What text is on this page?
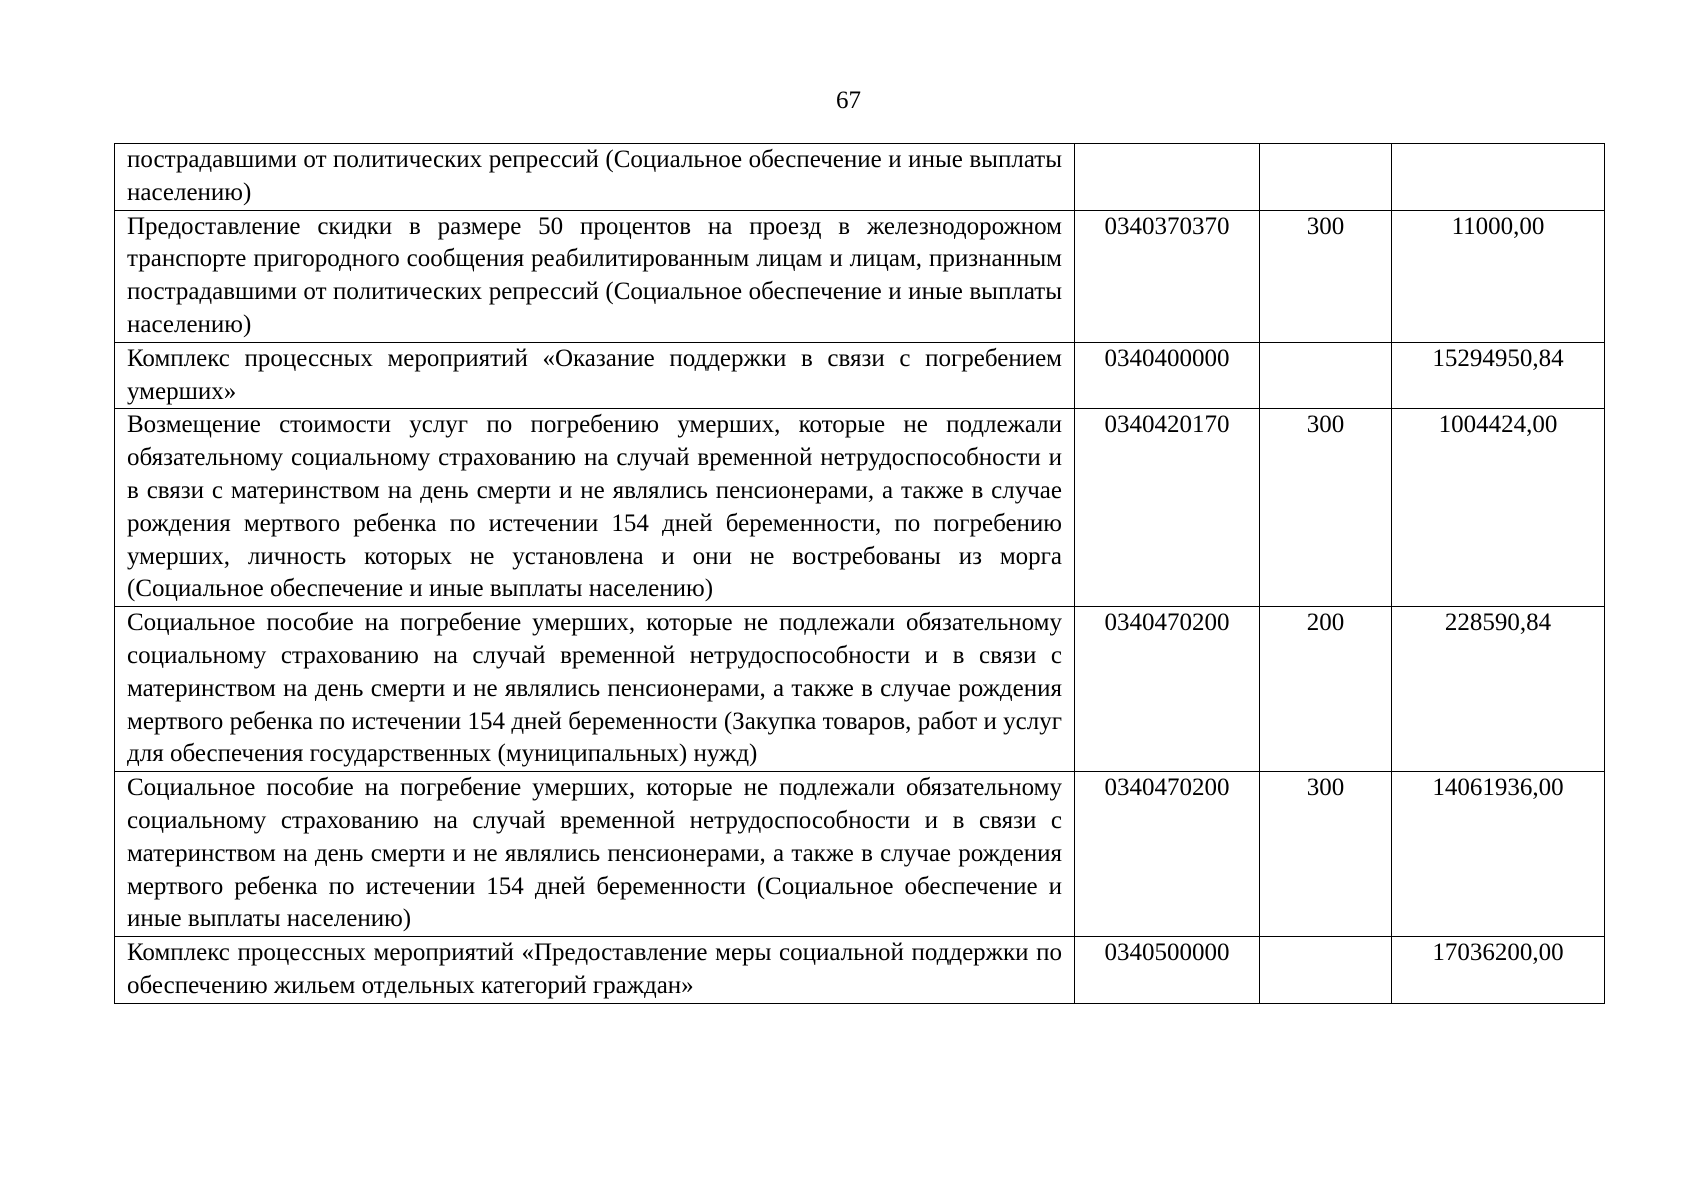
67
пострадавшими от политических репрессий (Социальное обеспечение и иные выплаты населению)			
Предоставление скидки в размере 50 процентов на проезд в железнодорожном транспорте пригородного сообщения реабилитированным лицам и лицам, признанным пострадавшими от политических репрессий (Социальное обеспечение и иные выплаты населению)	0340370370	300	11000,00
Комплекс процессных мероприятий «Оказание поддержки в связи с погребением умерших»	0340400000		15294950,84
Возмещение стоимости услуг по погребению умерших, которые не подлежали обязательному социальному страхованию на случай временной нетрудоспособности и в связи с материнством на день смерти и не являлись пенсионерами, а также в случае рождения мертвого ребенка по истечении 154 дней беременности, по погребению умерших, личность которых не установлена и они не востребованы из морга (Социальное обеспечение и иные выплаты населению)	0340420170	300	1004424,00
Социальное пособие на погребение умерших, которые не подлежали обязательному социальному страхованию на случай временной нетрудоспособности и в связи с материнством на день смерти и не являлись пенсионерами, а также в случае рождения мертвого ребенка по истечении 154 дней беременности (Закупка товаров, работ и услуг для обеспечения государственных (муниципальных) нужд)	0340470200	200	228590,84
Социальное пособие на погребение умерших, которые не подлежали обязательному социальному страхованию на случай временной нетрудоспособности и в связи с материнством на день смерти и не являлись пенсионерами, а также в случае рождения мертвого ребенка по истечении 154 дней беременности (Социальное обеспечение и иные выплаты населению)	0340470200	300	14061936,00
Комплекс процессных мероприятий «Предоставление меры социальной поддержки по обеспечению жильем отдельных категорий граждан»	0340500000		17036200,00
